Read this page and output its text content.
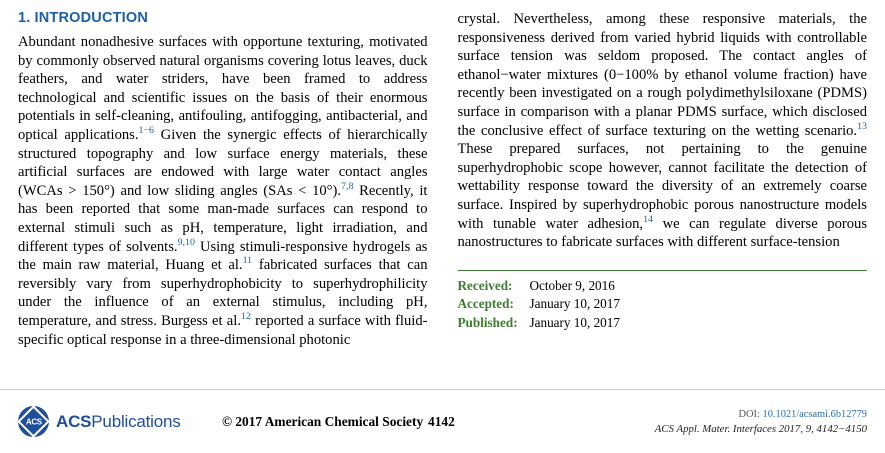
1. INTRODUCTION

Abundant nonadhesive surfaces with opportune texturing, motivated by commonly observed natural organisms covering lotus leaves, duck feathers, and water striders, have been framed to address technological and scientific issues on the basis of their enormous potentials in self-cleaning, antifouling, antifogging, antibacterial, and optical applications.$^{1-6}$ Given the synergic effects of hierarchically structured topography and low surface energy materials, these artificial surfaces are endowed with large water contact angles (WCAs > 150°) and low sliding angles (SAs < 10°).$^{7,8}$ Recently, it has been reported that some man-made surfaces can respond to external stimuli such as pH, temperature, light irradiation, and different types of solvents.$^{9,10}$ Using stimuli-responsive hydrogels as the main raw material, Huang et al.$^{11}$ fabricated surfaces that can reversibly vary from superhydrophobicity to superhydrophilicity under the influence of an external stimulus, including pH, temperature, and stress. Burgess et al.$^{12}$ reported a surface with fluid-specific optical response in a three-dimensional photonic

crystal. Nevertheless, among these responsive materials, the responsiveness derived from varied hybrid liquids with controllable surface tension was seldom proposed. The contact angles of ethanol−water mixtures (0−100% by ethanol volume fraction) have recently been investigated on a rough polydimethylsiloxane (PDMS) surface in comparison with a planar PDMS surface, which disclosed the conclusive effect of surface texturing on the wetting scenario.$^{13}$ These prepared surfaces, not pertaining to the genuine superhydrophobic scope however, cannot facilitate the detection of wettability response toward the diversity of an extremely coarse surface. Inspired by superhydrophobic porous nanostructure models with tunable water adhesion,$^{14}$ we can regulate diverse porous nanostructures to fabricate surfaces with different surface-tension

Received:	October 9, 2016
Accepted:	January 10, 2017
Published: January 10, 2017
ACS ACSPublications	© 2017 American Chemical Society 4142	DOI: 10.1021/acsami.6b12779
ACS Appl. Mater. Interfaces 2017, 9, 4142−4150
